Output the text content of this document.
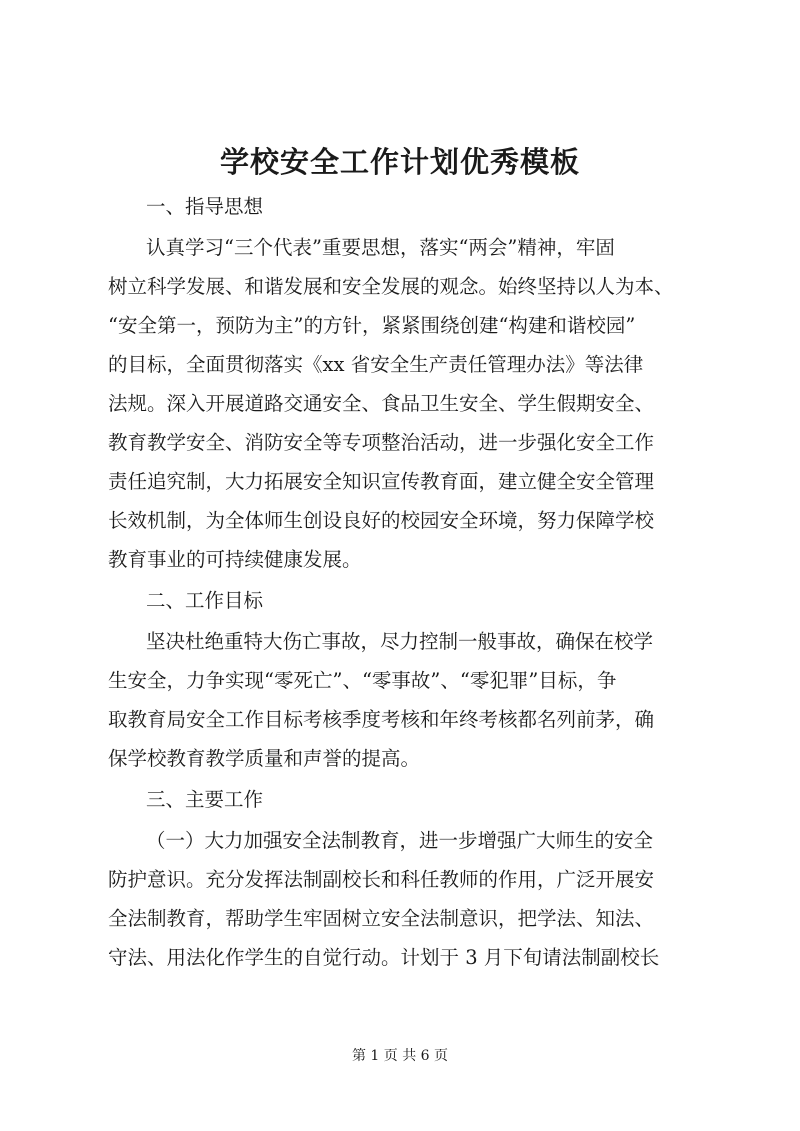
学校安全工作计划优秀模板
一、指导思想
认真学习“三个代表”重要思想，落实“两会”精神，牢固
树立科学发展、和谐发展和安全发展的观念。始终坚持以人为本、
“安全第一，预防为主”的方针，紧紧围绕创建“构建和谐校园”
的目标，全面贯彻落实《xx 省安全生产责任管理办法》等法律
法规。深入开展道路交通安全、食品卫生安全、学生假期安全、
教育教学安全、消防安全等专项整治活动，进一步强化安全工作
责任追究制，大力拓展安全知识宣传教育面，建立健全安全管理
长效机制，为全体师生创设良好的校园安全环境，努力保障学校
教育事业的可持续健康发展。
二、工作目标
坚决杜绝重特大伤亡事故，尽力控制一般事故，确保在校学
生安全，力争实现“零死亡”、“零事故”、“零犯罪”目标，争
取教育局安全工作目标考核季度考核和年终考核都名列前茅，确
保学校教育教学质量和声誉的提高。
三、主要工作
（一）大力加强安全法制教育，进一步增强广大师生的安全
防护意识。充分发挥法制副校长和科任教师的作用，广泛开展安
全法制教育，帮助学生牢固树立安全法制意识，把学法、知法、
守法、用法化作学生的自觉行动。计划于 3 月下旬请法制副校长
第 1 页 共 6 页
